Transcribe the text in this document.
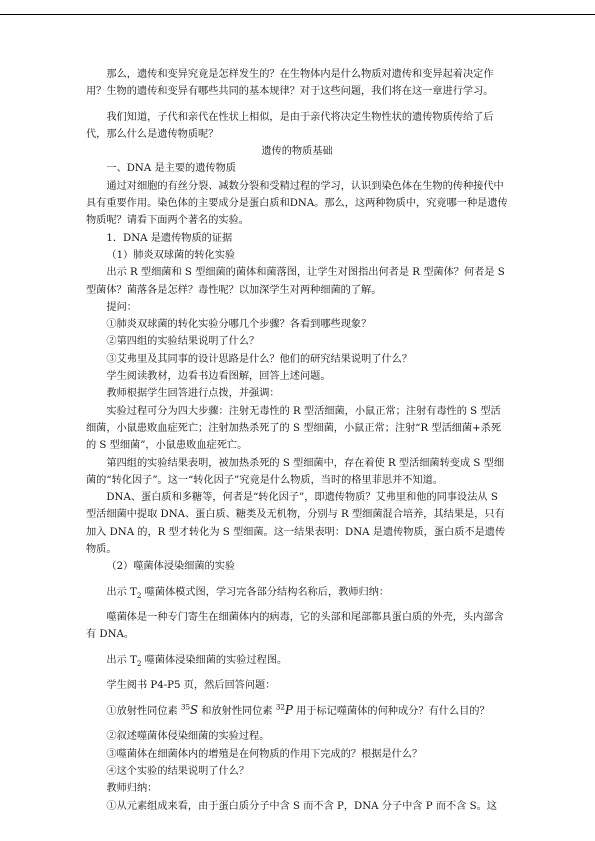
那么，遗传和变异究竟是怎样发生的？在生物体内是什么物质对遗传和变异起着决定作用？生物的遗传和变异有哪些共同的基本规律？对于这些问题，我们将在这一章进行学习。

我们知道，子代和亲代在性状上相似，是由于亲代将决定生物性状的遗传物质传给了后代，那么什么是遗传物质呢？

遗传的物质基础

一、DNA 是主要的遗传物质

通过对细胞的有丝分裂、减数分裂和受精过程的学习，认识到染色体在生物的传种接代中具有重要作用。染色体的主要成分是蛋白质和DNA。那么，这两种物质中，究竟哪一种是遗传物质呢？请看下面两个著名的实验。

1．DNA 是遗传物质的证据

（1）肺炎双球菌的转化实验

出示 R 型细菌和 S 型细菌的菌体和菌落图，让学生对图指出何者是 R 型菌体？何者是 S 型菌体？菌落各是怎样？毒性呢？以加深学生对两种细菌的了解。

提问：

①肺炎双球菌的转化实验分哪几个步骤？各看到哪些现象？

②第四组的实验结果说明了什么？

③艾弗里及其同事的设计思路是什么？他们的研究结果说明了什么？

学生阅读教材，边看书边看图解，回答上述问题。

教师根据学生回答进行点拨，并强调：

实验过程可分为四大步骤：注射无毒性的 R 型活细菌，小鼠正常；注射有毒性的 S 型活细菌，小鼠患败血症死亡；注射加热杀死了的 S 型细菌，小鼠正常；注射“R 型活细菌+杀死的 S 型细菌”，小鼠患败血症死亡。

第四组的实验结果表明，被加热杀死的 S 型细菌中，存在着使 R 型活细菌转变成 S 型细菌的“转化因子”。这一“转化因子”究竟是什么物质，当时的格里菲思并不知道。

DNA、蛋白质和多糖等，何者是“转化因子”，即遗传物质？艾弗里和他的同事设法从 S 型活细菌中提取 DNA、蛋白质、糖类及无机物，分别与 R 型细菌混合培养，其结果是，只有加入 DNA 的，R 型才转化为 S 型细菌。这一结果表明：DNA 是遗传物质，蛋白质不是遗传物质。

（2）噬菌体浸染细菌的实验

出示 $T_2$ 噬菌体模式图，学习完各部分结构名称后，教师归纳：

噬菌体是一种专门寄生在细菌体内的病毒，它的头部和尾部都具蛋白质的外壳，头内部含有 DNA。

出示 $T_2$ 噬菌体浸染细菌的实验过程图。

学生阅书 P4-P5 页，然后回答问题：

①放射性同位素 $^{35}$S 和放射性同位素 $^{32}$P 用于标记噬菌体的何种成分？有什么目的？

②叙述噬菌体侵染细菌的实验过程。

③噬菌体在细菌体内的增殖是在何物质的作用下完成的？根据是什么？

④这个实验的结果说明了什么？

教师归纳：

①从元素组成来看，由于蛋白质分子中含 S 而不含 P，DNA 分子中含 P 而不含 S。这
